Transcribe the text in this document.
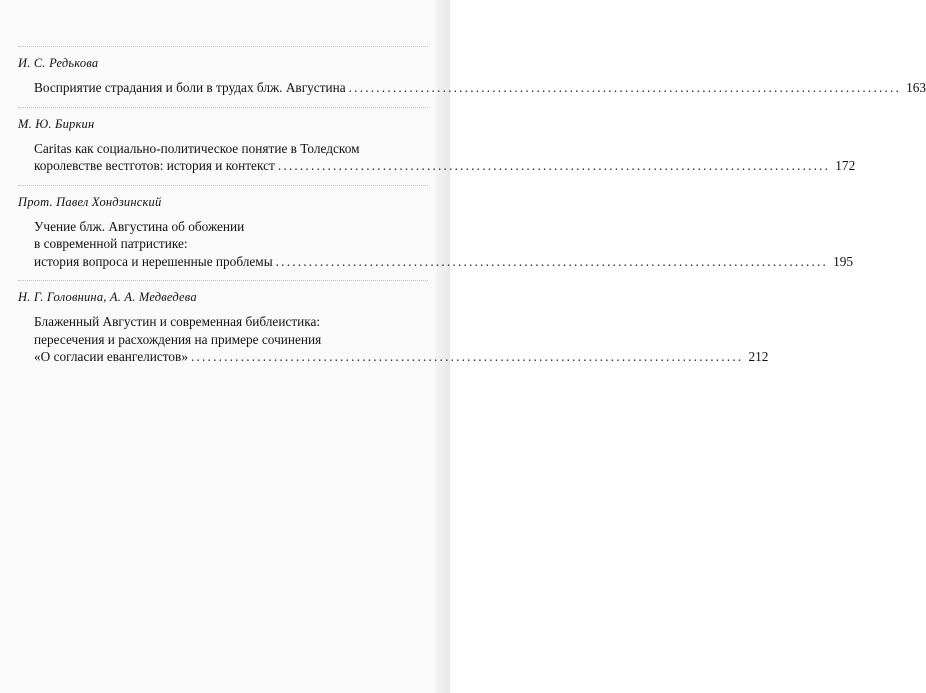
И. С. Редькова
Восприятие страдания и боли в трудах блж. Августина .................................................................................................... 163
М. Ю. Биркин
Caritas как социально-политическое понятие в Толедском
королевстве вестготов: история и контекст .................................................................................................... 172
Прот. Павел Хондзинский
Учение блж. Августина об обожении
в современной патристике:
история вопроса и нерешенные проблемы .................................................................................................... 195
Н. Г. Головнина, А. А. Медведева
Блаженный Августин и современная библеистика:
пересечения и расхождения на примере сочинения
«О согласии евангелистов» .................................................................................................... 212
